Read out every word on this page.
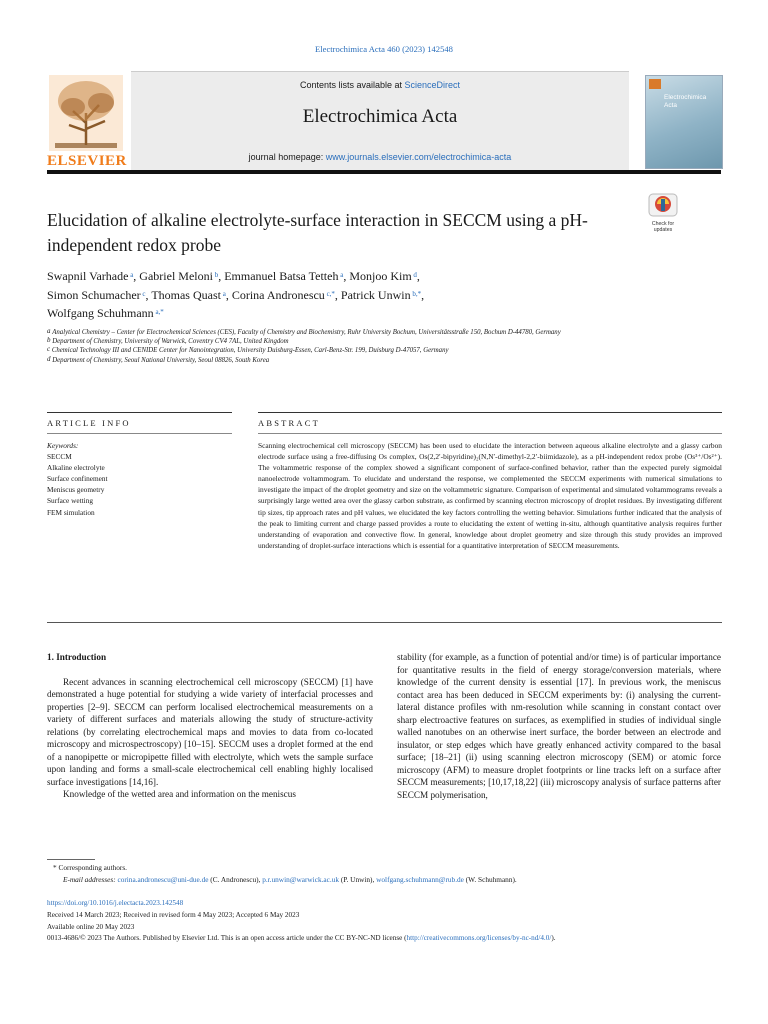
Electrochimica Acta 460 (2023) 142548
ELSEVIER
Contents lists available at ScienceDirect
Electrochimica Acta
journal homepage: www.journals.elsevier.com/electrochimica-acta
Electrochimica Acta
Elucidation of alkaline electrolyte-surface interaction in SECCM using a pH-independent redox probe
Check for updates
Swapnil Varhade $^a$, Gabriel Meloni $^b$, Emmanuel Batsa Tetteh $^a$, Monjoo Kim $^d$,
Simon Schumacher $^c$, Thomas Quast $^a$, Corina Andronescu $^{c,*}$, Patrick Unwin $^{b,*}$,
Wolfgang Schuhmann $^{a,*}$
$^a$ Analytical Chemistry – Center for Electrochemical Sciences (CES), Faculty of Chemistry and Biochemistry, Ruhr University Bochum, Universitätsstraße 150, Bochum D-44780, Germany
$^b$ Department of Chemistry, University of Warwick, Coventry CV4 7AL, United Kingdom
$^c$ Chemical Technology III and CENIDE Center for Nanointegration, University Duisburg-Essen, Carl-Benz-Str. 199, Duisburg D-47057, Germany
$^d$ Department of Chemistry, Seoul National University, Seoul 08826, South Korea
ARTICLE INFO	ABSTRACT
Keywords:
SECCM
Alkaline electrolyte
Surface confinement
Meniscus geometry
Surface wetting
FEM simulation
Scanning electrochemical cell microscopy (SECCM) has been used to elucidate the interaction between aqueous alkaline electrolyte and a glassy carbon electrode surface using a free-diffusing Os complex, Os(2,2′-bipyridine)₂(N,N′-dimethyl-2,2′-biimidazole), as a pH-independent redox probe (Os³⁺/Os²⁺). The voltammetric response of the complex showed a significant component of surface-confined behavior, rather than the expected purely sigmoidal nanoelectrode voltammogram. To elucidate and understand the response, we complemented the SECCM experiments with numerical simulations to investigate the impact of the droplet geometry and size on the voltammetric signature. Comparison of experimental and simulated voltammograms reveals a surprisingly large wetted area over the glassy carbon substrate, as confirmed by scanning electron microscopy of droplet residues. By investigating different tip sizes, tip approach rates and pH values, we elucidated the key factors controlling the wetting behavior. Simulations further indicated that the analysis of the peak to limiting current and charge passed provides a route to elucidating the extent of wetting in-situ, although quantitative analysis requires further understanding of evaporation and convective flow. In general, knowledge about droplet geometry and size through this study provides an improved understanding of droplet-surface interactions which is essential for a quantitative interpretation of SECCM measurements.
1. Introduction
Recent advances in scanning electrochemical cell microscopy (SECCM) [1] have demonstrated a huge potential for studying a wide variety of interfacial processes and properties [2–9]. SECCM can perform localised electrochemical measurements on a variety of different surfaces and materials allowing the study of structure-activity relations (by correlating electrochemical maps and movies to data from co-located microscopy and microspectroscopy) [10–15]. SECCM uses a droplet formed at the end of a nanopipette or micropipette filled with electrolyte, which wets the sample surface upon landing and forms a small-scale electrochemical cell enabling highly localised surface investigations [14,16].
Knowledge of the wetted area and information on the meniscus
stability (for example, as a function of potential and/or time) is of particular importance for quantitative results in the field of energy storage/conversion materials, where knowledge of the current density is essential [17]. In previous work, the meniscus contact area has been deduced in SECCM experiments by: (i) analysing the current-lateral distance profiles with nm-resolution while scanning in constant contact over sharp electroactive features on surfaces, as exemplified in studies of individual single walled nanotubes on an otherwise inert surface, the border between an electrode and insulator, or step edges which have greatly enhanced activity compared to the basal surface; [18–21] (ii) using scanning electron microscopy (SEM) or atomic force microscopy (AFM) to measure droplet footprints or line tracks left on a surface after SECCM measurements; [10,17,18,22] (iii) microscopy analysis of surface patterns after SECCM polymerisation,
* Corresponding authors.
E-mail addresses: corina.andronescu@uni-due.de (C. Andronescu), p.r.unwin@warwick.ac.uk (P. Unwin), wolfgang.schuhmann@rub.de (W. Schuhmann).
https://doi.org/10.1016/j.electacta.2023.142548
Received 14 March 2023; Received in revised form 4 May 2023; Accepted 6 May 2023
Available online 20 May 2023
0013-4686/© 2023 The Authors. Published by Elsevier Ltd. This is an open access article under the CC BY-NC-ND license (http://creativecommons.org/licenses/by-nc-nd/4.0/).
